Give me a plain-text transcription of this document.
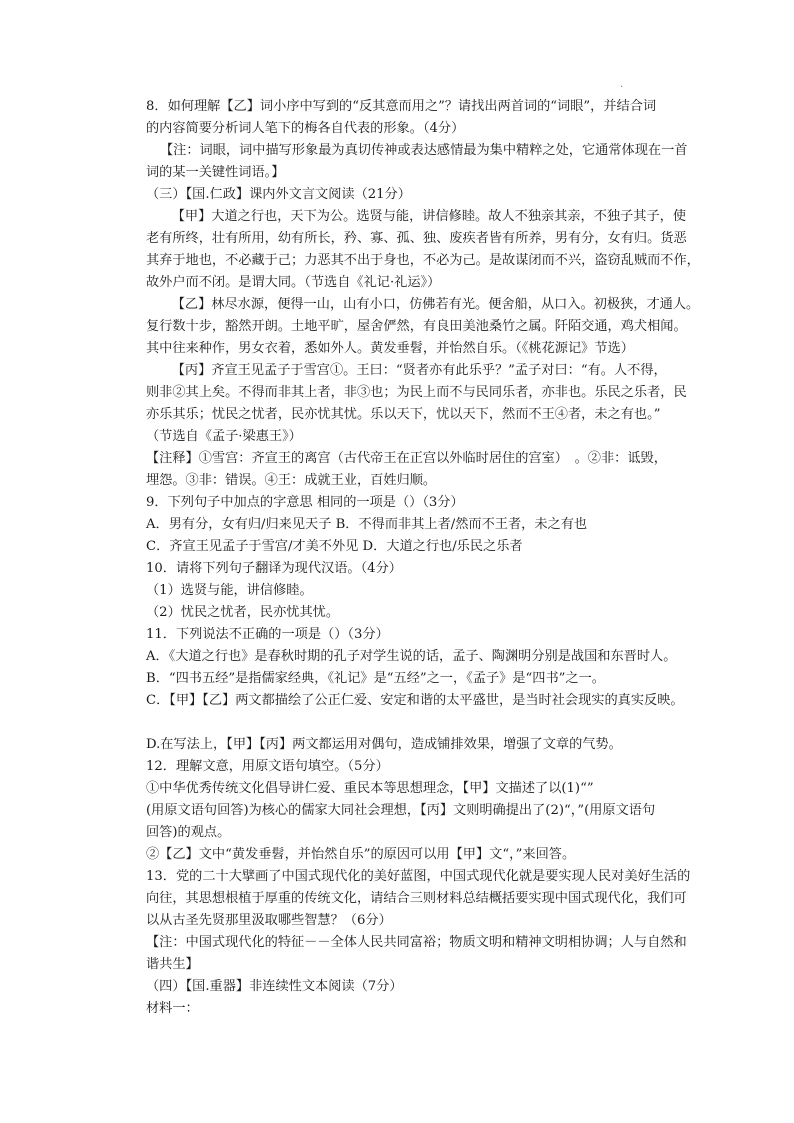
.

8．如何理解【乙】词小序中写到的“反其意而用之”？请找出两首词的“词眼”，并结合词

的内容简要分析词人笔下的梅各自代表的形象。（4分）

【注：词眼，词中描写形象最为真切传神或表达感情最为集中精粹之处，它通常体现在一首

词的某一关键性词语。】

（三）【国.仁政】课内外文言文阅读（21分）

【甲】大道之行也，天下为公。选贤与能，讲信修睦。故人不独亲其亲，不独子其子，使

老有所终，壮有所用，幼有所长，矜、寡、孤、独、废疾者皆有所养，男有分，女有归。货恶

其弃于地也，不必藏于己；力恶其不出于身也，不必为己。是故谋闭而不兴，盗窃乱贼而不作，

故外户而不闭。是谓大同。（节选自《礼记·礼运》）

【乙】林尽水源，便得一山，山有小口，仿佛若有光。便舍船，从口入。初极狭，才通人。

复行数十步，豁然开朗。土地平旷，屋舍俨然，有良田美池桑竹之属。阡陌交通，鸡犬相闻。

其中往来种作，男女衣着，悉如外人。黄发垂髫，并怡然自乐。（《桃花源记》节选）

【丙】齐宣王见孟子于雪宫①。王曰：“贤者亦有此乐乎？”孟子对曰：“有。人不得，

则非②其上矣。不得而非其上者，非③也；为民上而不与民同乐者，亦非也。乐民之乐者，民

亦乐其乐；忧民之忧者，民亦忧其忧。乐以天下，忧以天下，然而不王④者，未之有也。”

（节选自《孟子·梁惠王》）

【注释】①雪宫：齐宣王的离宫（古代帝王在正宫以外临时居住的宫室）　。②非：诋毁，

埋怨。③非：错误。④王：成就王业，百姓归顺。

9．下列句子中加点的字意思 相同的一项是（）（3分）

A．男有分，女有归/归来见天子 B．不得而非其上者/然而不王者，未之有也

C．齐宣王见孟子于雪宫/才美不外见 D．大道之行也/乐民之乐者

10．请将下列句子翻译为现代汉语。（4分）

（1）选贤与能，讲信修睦。

（2）忧民之忧者，民亦忧其忧。

11．下列说法不正确的一项是（）（3分）

A．《大道之行也》是春秋时期的孔子对学生说的话，孟子、陶渊明分别是战国和东晋时人。

B．“四书五经”是指儒家经典，《礼记》是“五经”之一，《孟子》是“四书”之一。

C．【甲】【乙】两文都描绘了公正仁爱、安定和谐的太平盛世，是当时社会现实的真实反映。

D.在写法上，【甲】【丙】两文都运用对偶句，造成铺排效果，增强了文章的气势。

12．理解文意，用原文语句填空。（5分）

①中华优秀传统文化倡导讲仁爱、重民本等思想理念，【甲】文描述了以(1)“”

(用原文语句回答)为核心的儒家大同社会理想，【丙】文则明确提出了(2)“，”(用原文语句

回答)的观点。

②【乙】文中“黄发垂髫，并怡然自乐”的原因可以用【甲】文“，”来回答。

13．党的二十大擘画了中国式现代化的美好蓝图，中国式现代化就是要实现人民对美好生活的

向往，其思想根植于厚重的传统文化，请结合三则材料总结概括要实现中国式现代化，我们可

以从古圣先贤那里汲取哪些智慧？（6分）

【注：中国式现代化的特征－－全体人民共同富裕；物质文明和精神文明相协调；人与自然和

谐共生】

（四）【国.重器】非连续性文本阅读（7分）

材料一：
